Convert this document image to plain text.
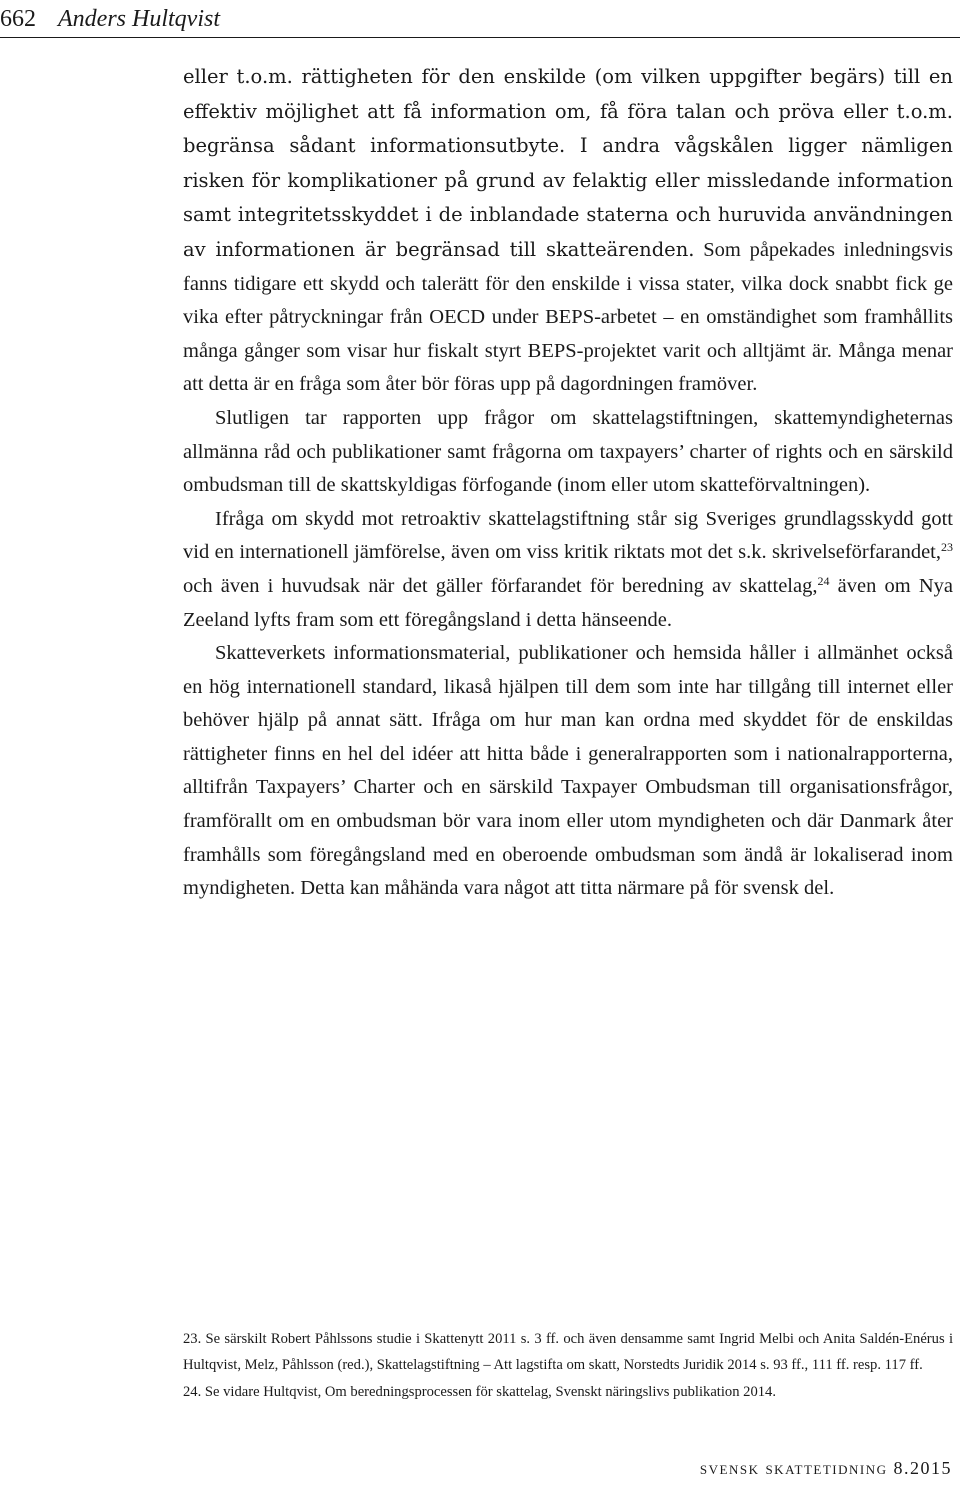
662 Anders Hultqvist

eller t.o.m. rättigheten för den enskilde (om vilken uppgifter begärs) till en effektiv möjlighet att få information om, få föra talan och pröva eller t.o.m. begränsa sådant informationsutbyte. I andra vågskålen ligger nämligen risken för komplikationer på grund av felaktig eller missledande information samt integritetsskyddet i de inblandade staterna och huruvida användningen av informationen är begränsad till skatteärenden. Som påpekades inledningsvis fanns tidigare ett skydd och talerätt för den enskilde i vissa stater, vilka dock snabbt fick ge vika efter påtryckningar från OECD under BEPS-arbetet – en omständighet som framhållits många gånger som visar hur fiskalt styrt BEPS-projektet varit och alltjämt är. Många menar att detta är en fråga som åter bör föras upp på dagordningen framöver.

Slutligen tar rapporten upp frågor om skattelagstiftningen, skattemyndigheternas allmänna råd och publikationer samt frågorna om taxpayers’ charter of rights och en särskild ombudsman till de skattskyldigas förfogande (inom eller utom skatteförvaltningen).

Ifråga om skydd mot retroaktiv skattelagstiftning står sig Sveriges grundlagsskydd gott vid en internationell jämförelse, även om viss kritik riktats mot det s.k. skrivelseförfarandet,$^{23}$ och även i huvudsak när det gäller förfarandet för beredning av skattelag,$^{24}$ även om Nya Zeeland lyfts fram som ett föregångsland i detta hänseende.

Skatteverkets informationsmaterial, publikationer och hemsida håller i allmänhet också en hög internationell standard, likaså hjälpen till dem som inte har tillgång till internet eller behöver hjälp på annat sätt. Ifråga om hur man kan ordna med skyddet för de enskildas rättigheter finns en hel del idéer att hitta både i generalrapporten som i nationalrapporterna, alltifrån Taxpayers’ Charter och en särskild Taxpayer Ombudsman till organisationsfrågor, framförallt om en ombudsman bör vara inom eller utom myndigheten och där Danmark åter framhålls som föregångsland med en oberoende ombudsman som ändå är lokaliserad inom myndigheten. Detta kan måhända vara något att titta närmare på för svensk del.

23. Se särskilt Robert Påhlssons studie i Skattenytt 2011 s. 3 ff. och även densamme samt Ingrid Melbi och Anita Saldén-Enérus i Hultqvist, Melz, Påhlsson (red.), Skattelagstiftning – Att lagstifta om skatt, Norstedts Juridik 2014 s. 93 ff., 111 ff. resp. 117 ff.

24. Se vidare Hultqvist, Om beredningsprocessen för skattelag, Svenskt näringslivs publikation 2014.

svensk skattetidning 8.2015
